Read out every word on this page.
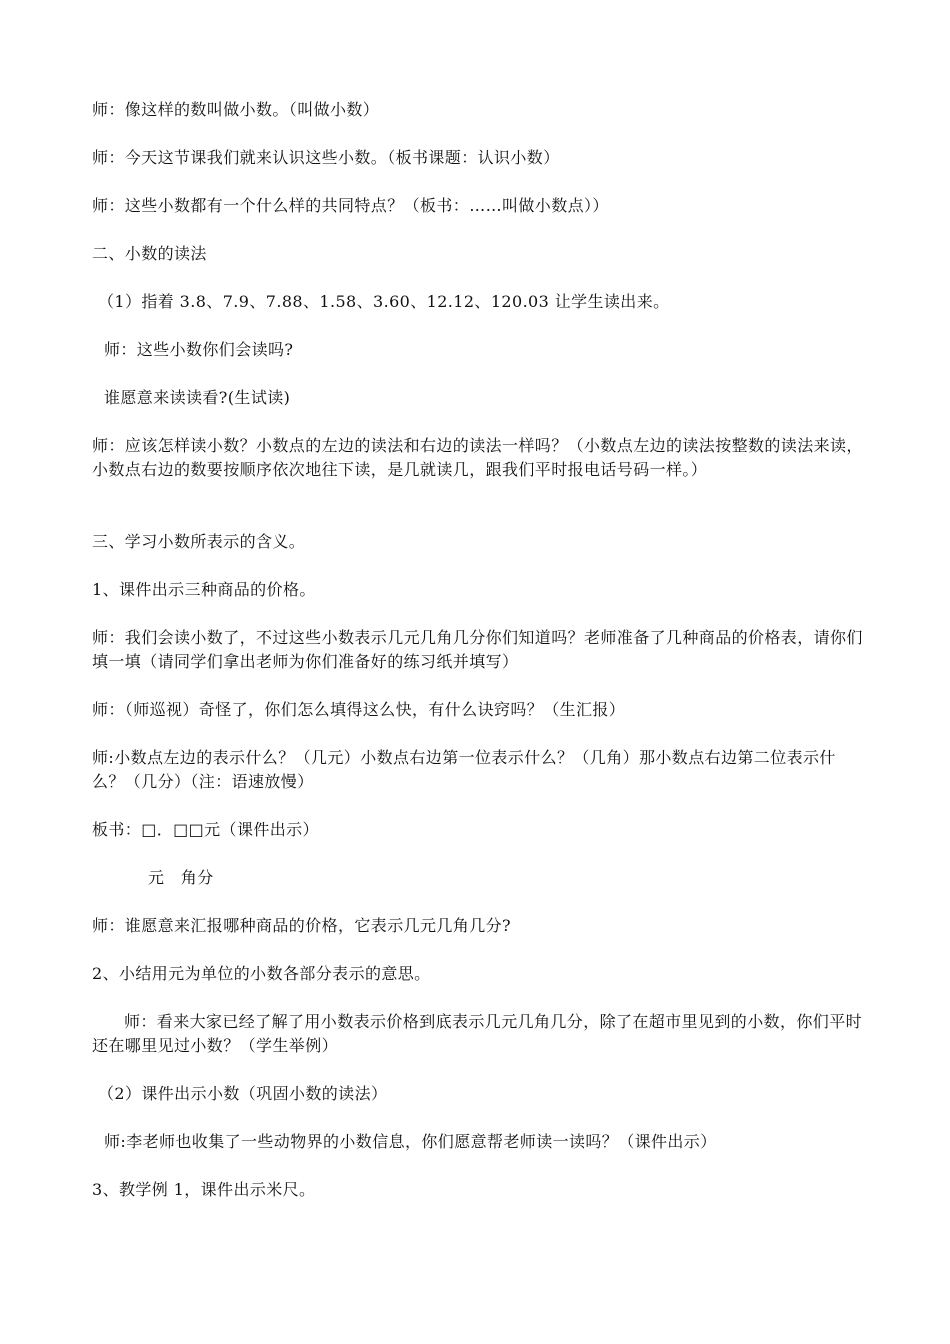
师：像这样的数叫做小数。（叫做小数）

师：今天这节课我们就来认识这些小数。（板书课题：认识小数）

师：这些小数都有一个什么样的共同特点？（板书：……叫做小数点））

二、小数的读法

（1）指着 3.8、7.9、7.88、1.58、3.60、12.12、120.03 让学生读出来。

师：这些小数你们会读吗?

谁愿意来读读看?(生试读)

师：应该怎样读小数？小数点的左边的读法和右边的读法一样吗？（小数点左边的读法按整数的读法来读，小数点右边的数要按顺序依次地往下读，是几就读几，跟我们平时报电话号码一样。）

三、学习小数所表示的含义。

1、课件出示三种商品的价格。

师：我们会读小数了，不过这些小数表示几元几角几分你们知道吗？老师准备了几种商品的价格表，请你们填一填（请同学们拿出老师为你们准备好的练习纸并填写）

师：（师巡视）奇怪了，你们怎么填得这么快，有什么诀窍吗？（生汇报）

师:小数点左边的表示什么？（几元）小数点右边第一位表示什么？（几角）那小数点右边第二位表示什么？（几分）（注：语速放慢）

板书：□．□□元（课件出示）

元　角分

师：谁愿意来汇报哪种商品的价格，它表示几元几角几分?

2、小结用元为单位的小数各部分表示的意思。

师：看来大家已经了解了用小数表示价格到底表示几元几角几分，除了在超市里见到的小数，你们平时还在哪里见过小数？（学生举例）

（2）课件出示小数（巩固小数的读法）

师:李老师也收集了一些动物界的小数信息，你们愿意帮老师读一读吗？（课件出示）

3、教学例 1，课件出示米尺。
